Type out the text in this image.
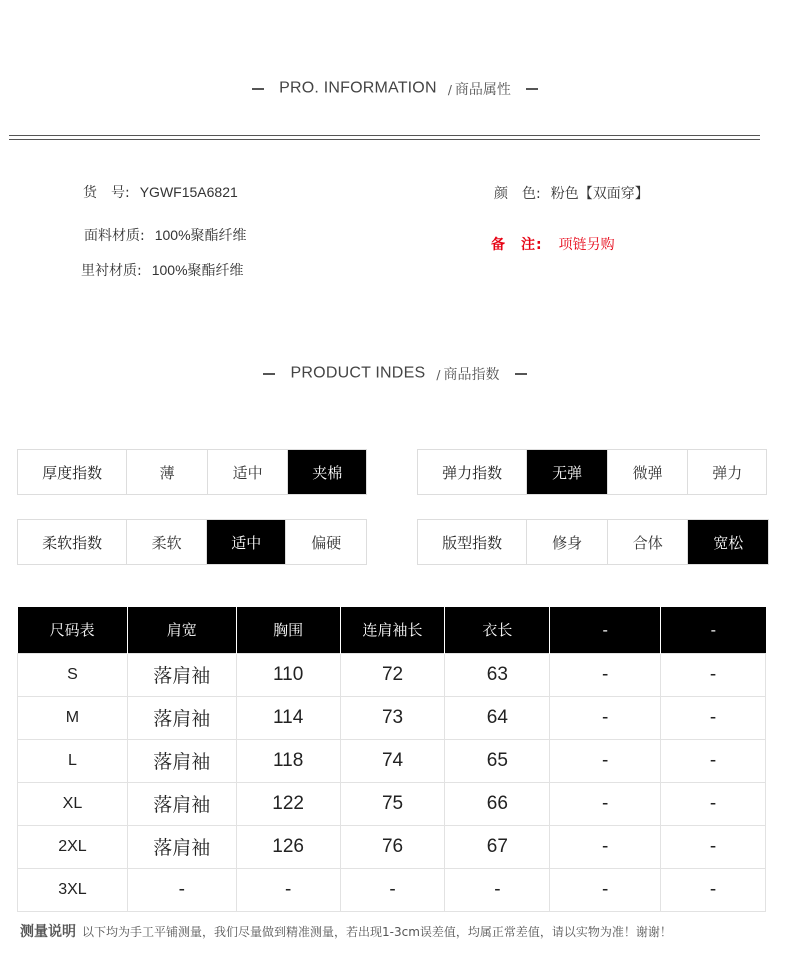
PRO. INFORMATION / 商品属性
货　号: YGWF15A6821
面料材质: 100%聚酯纤维
里衬材质: 100%聚酯纤维
颜　色: 粉色【双面穿】
备　注: 项链另购
PRODUCT INDES / 商品指数
厚度指数	薄	适中	夹棉	弹力指数	无弹	微弹	弹力
柔软指数	柔软	适中	偏硬	版型指数	修身	合体	宽松
尺码表	肩宽	胸围	连肩袖长	衣长	-	-
S	落肩袖	110	72	63	-	-
M	落肩袖	114	73	64	-	-
L	落肩袖	118	74	65	-	-
XL	落肩袖	122	75	66	-	-
2XL	落肩袖	126	76	67	-	-
3XL	-	-	-	-	-	-
测量说明 以下均为手工平铺测量，我们尽量做到精准测量，若出现1-3cm误差值，均属正常差值，请以实物为准！谢谢！
